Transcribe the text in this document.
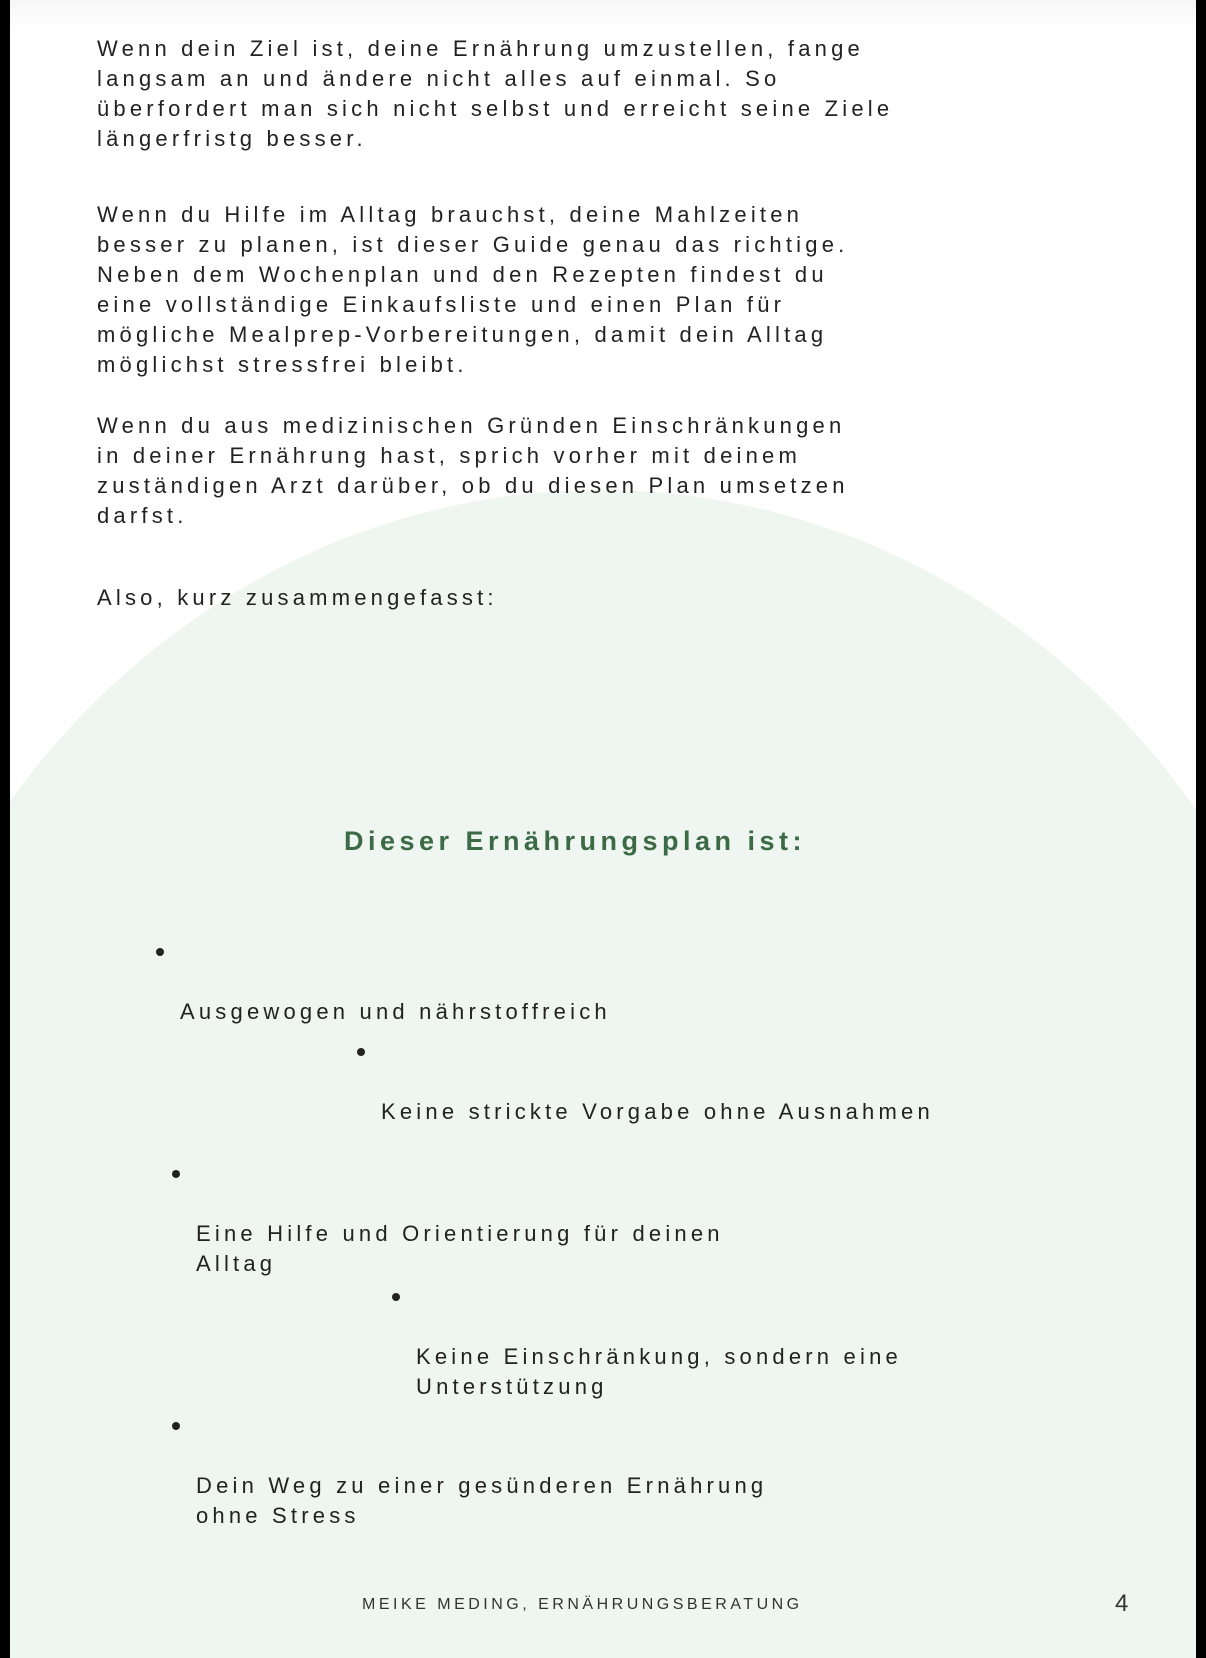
Wenn dein Ziel ist, deine Ernährung umzustellen, fange
langsam an und ändere nicht alles auf einmal. So
überfordert man sich nicht selbst und erreicht seine Ziele
längerfristg besser.

Wenn du Hilfe im Alltag brauchst, deine Mahlzeiten
besser zu planen, ist dieser Guide genau das richtige.
Neben dem Wochenplan und den Rezepten findest du
eine vollständige Einkaufsliste und einen Plan für
mögliche Mealprep-Vorbereitungen, damit dein Alltag
möglichst stressfrei bleibt.

Wenn du aus medizinischen Gründen Einschränkungen
in deiner Ernährung hast, sprich vorher mit deinem
zuständigen Arzt darüber, ob du diesen Plan umsetzen
darfst.

Also, kurz zusammengefasst:

Dieser Ernährungsplan ist:

Ausgewogen und nährstoffreich

Keine strickte Vorgabe ohne Ausnahmen

Eine Hilfe und Orientierung für deinen
Alltag

Keine Einschränkung, sondern eine
Unterstützung

Dein Weg zu einer gesünderen Ernährung
ohne Stress

MEIKE MEDING, ERNÄHRUNGSBERATUNG	4
